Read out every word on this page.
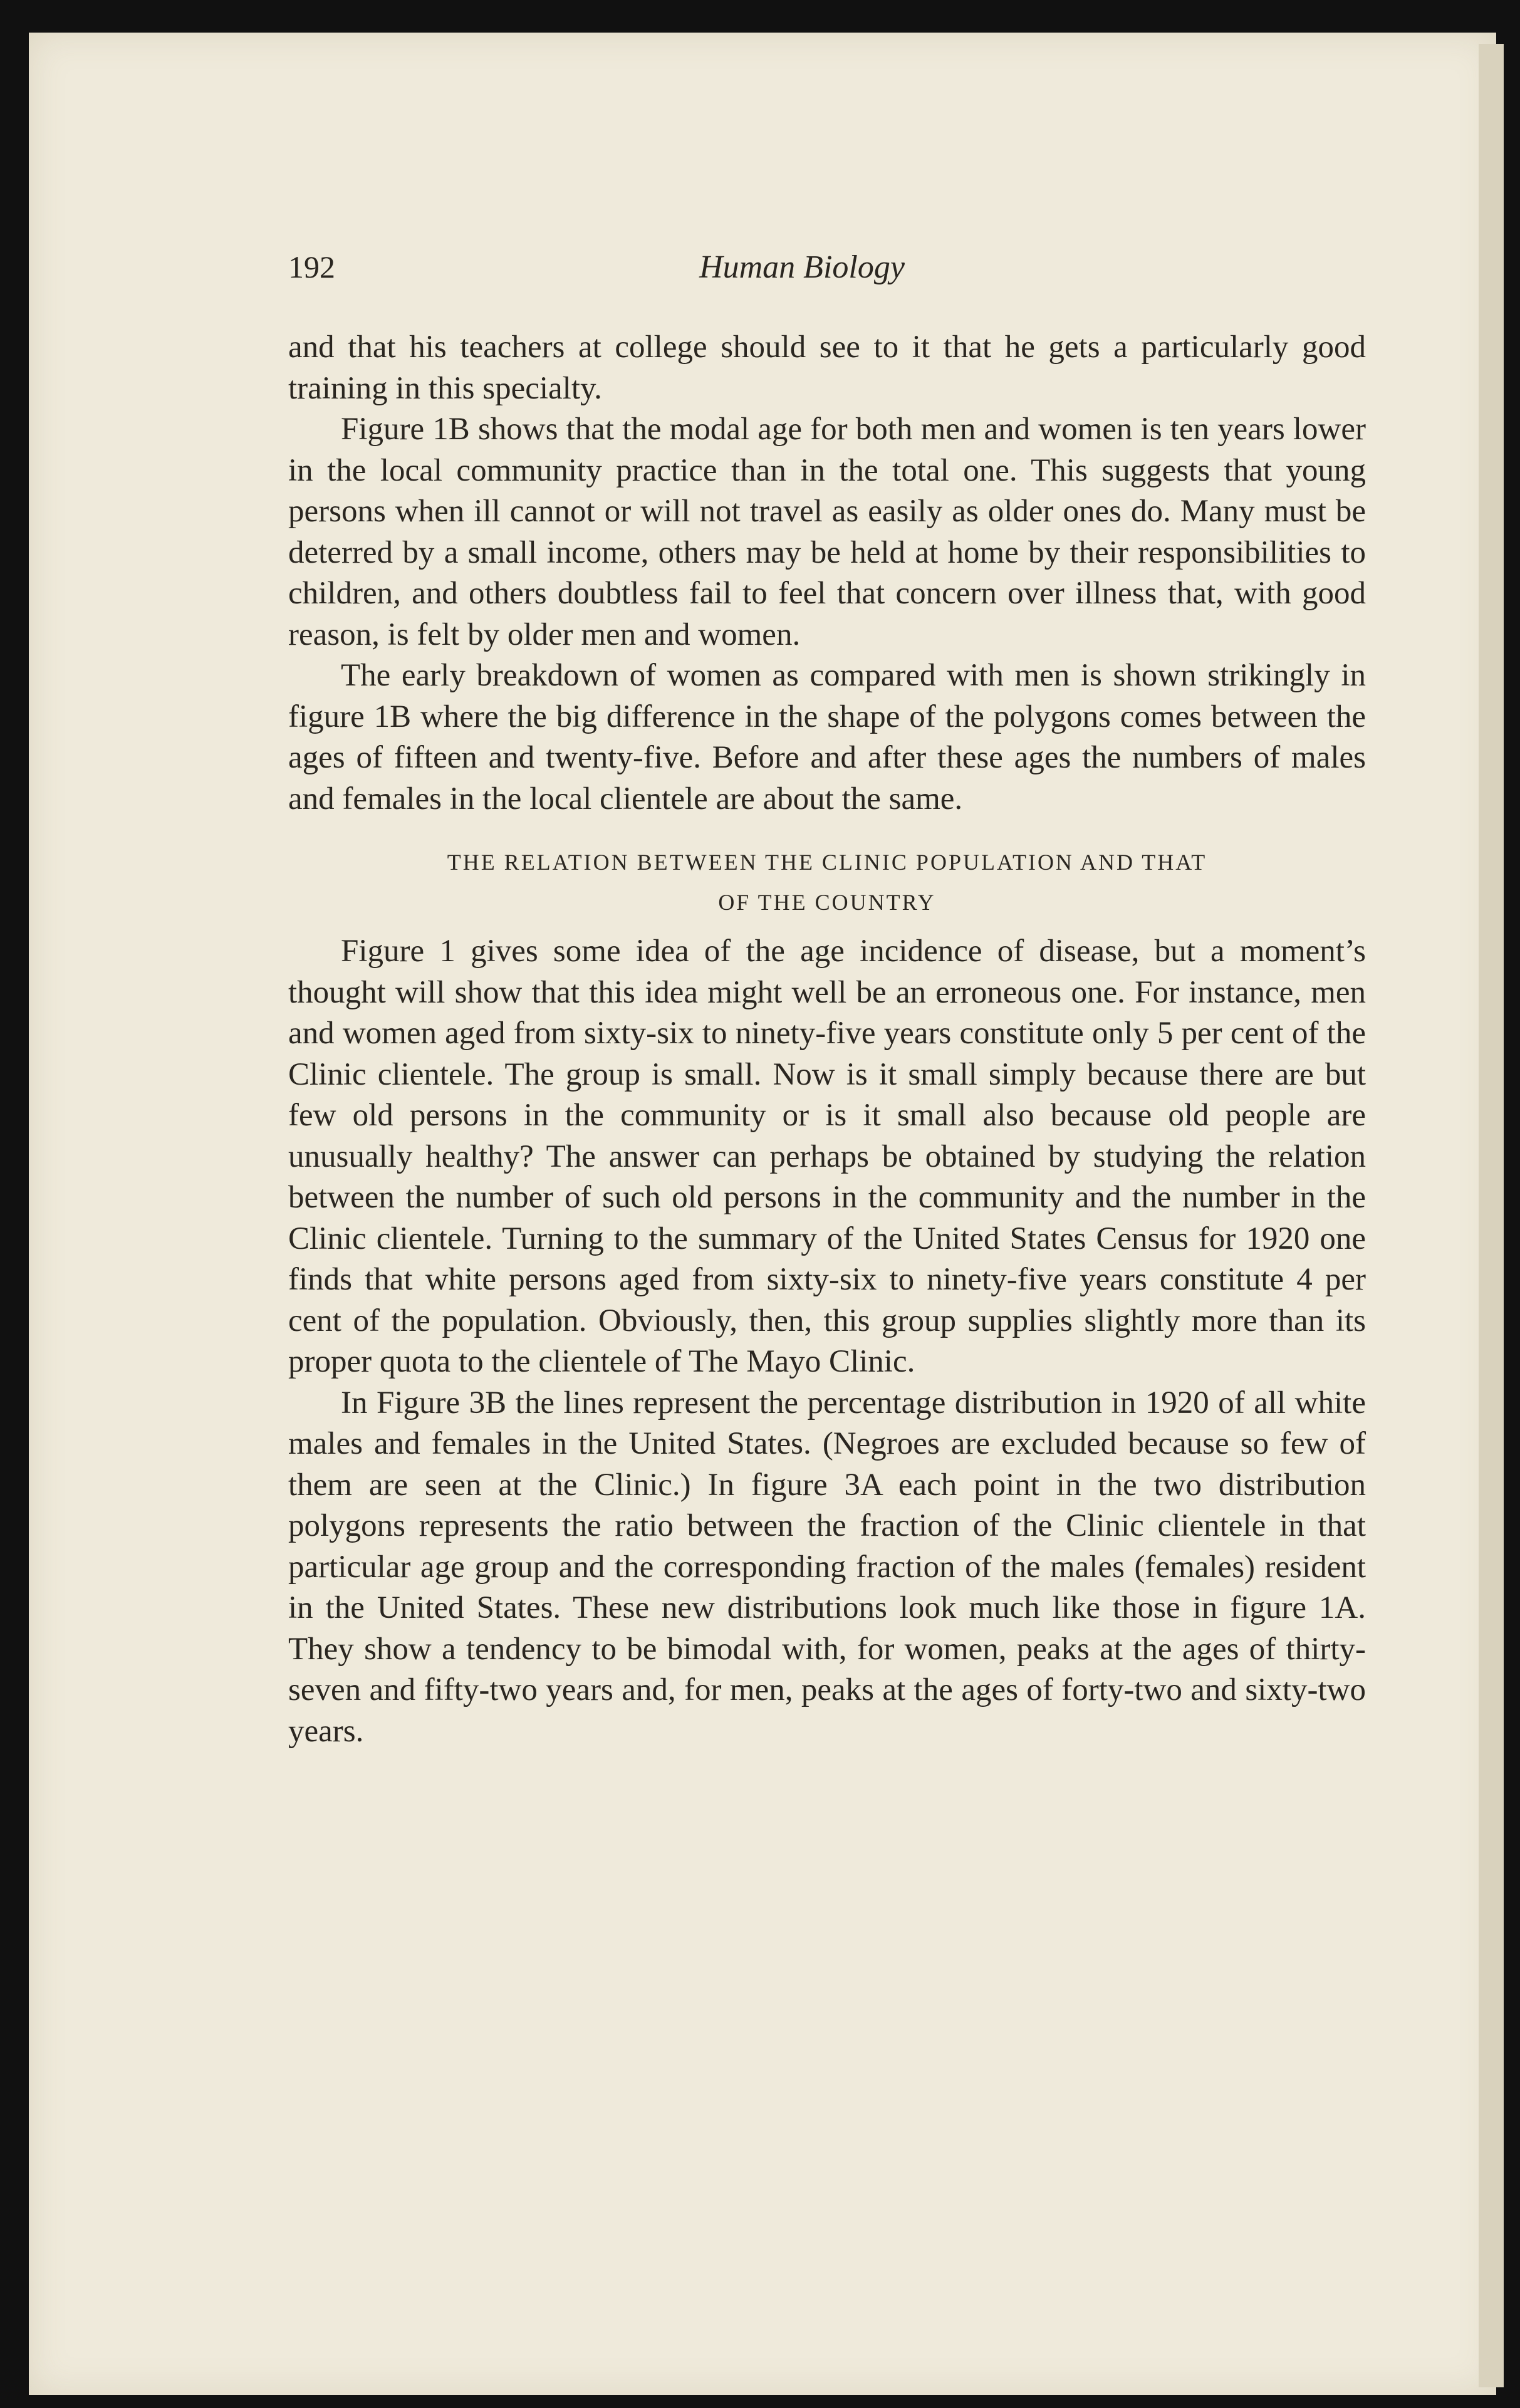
192	Human Biology

and that his teachers at college should see to it that he gets a particularly good training in this specialty.

Figure 1B shows that the modal age for both men and women is ten years lower in the local community practice than in the total one. This suggests that young persons when ill cannot or will not travel as easily as older ones do. Many must be deterred by a small income, others may be held at home by their responsibilities to children, and others doubtless fail to feel that concern over illness that, with good reason, is felt by older men and women.

The early breakdown of women as compared with men is shown strikingly in figure 1B where the big difference in the shape of the polygons comes between the ages of fifteen and twenty-five. Before and after these ages the numbers of males and females in the local clientele are about the same.

THE RELATION BETWEEN THE CLINIC POPULATION AND THAT
OF THE COUNTRY

Figure 1 gives some idea of the age incidence of disease, but a moment’s thought will show that this idea might well be an erroneous one. For instance, men and women aged from sixty-six to ninety-five years constitute only 5 per cent of the Clinic clientele. The group is small. Now is it small simply because there are but few old persons in the community or is it small also because old people are unusually healthy? The answer can perhaps be obtained by studying the relation between the number of such old persons in the community and the number in the Clinic clientele. Turning to the summary of the United States Census for 1920 one finds that white persons aged from sixty-six to ninety-five years constitute 4 per cent of the population. Obviously, then, this group supplies slightly more than its proper quota to the clientele of The Mayo Clinic.

In Figure 3B the lines represent the percentage distribution in 1920 of all white males and females in the United States. (Negroes are excluded because so few of them are seen at the Clinic.) In figure 3A each point in the two distribution polygons represents the ratio between the fraction of the Clinic clientele in that particular age group and the corresponding fraction of the males (females) resident in the United States. These new distributions look much like those in figure 1A. They show a tendency to be bimodal with, for women, peaks at the ages of thirty-seven and fifty-two years and, for men, peaks at the ages of forty-two and sixty-two years.
